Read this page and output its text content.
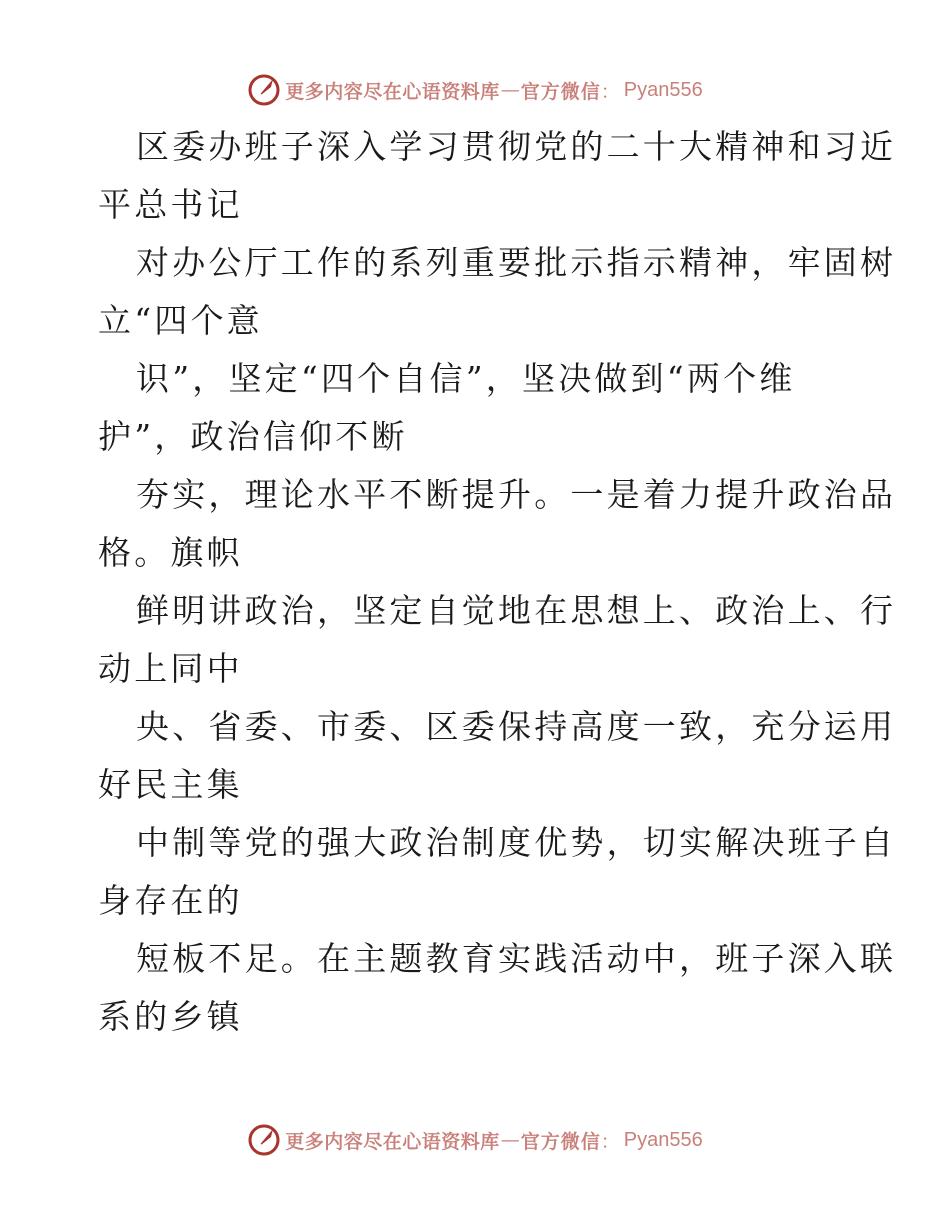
更多内容尽在心语资料库 — 官方微信 ： Pyan556
区委办班子深入学习贯彻党的二十大精神和习近
平总书记
对办公厅工作的系列重要批示指示精神，牢固树
立“四个意
识”，坚定“四个自信”，坚决做到“两个维
护”，政治信仰不断
夯实，理论水平不断提升。一是着力提升政治品
格。旗帜
鲜明讲政治，坚定自觉地在思想上、政治上、行
动上同中
央、省委、市委、区委保持高度一致，充分运用
好民主集
中制等党的强大政治制度优势，切实解决班子自
身存在的
短板不足。在主题教育实践活动中，班子深入联
系的乡镇
更多内容尽在心语资料库 — 官方微信 ： Pyan556
